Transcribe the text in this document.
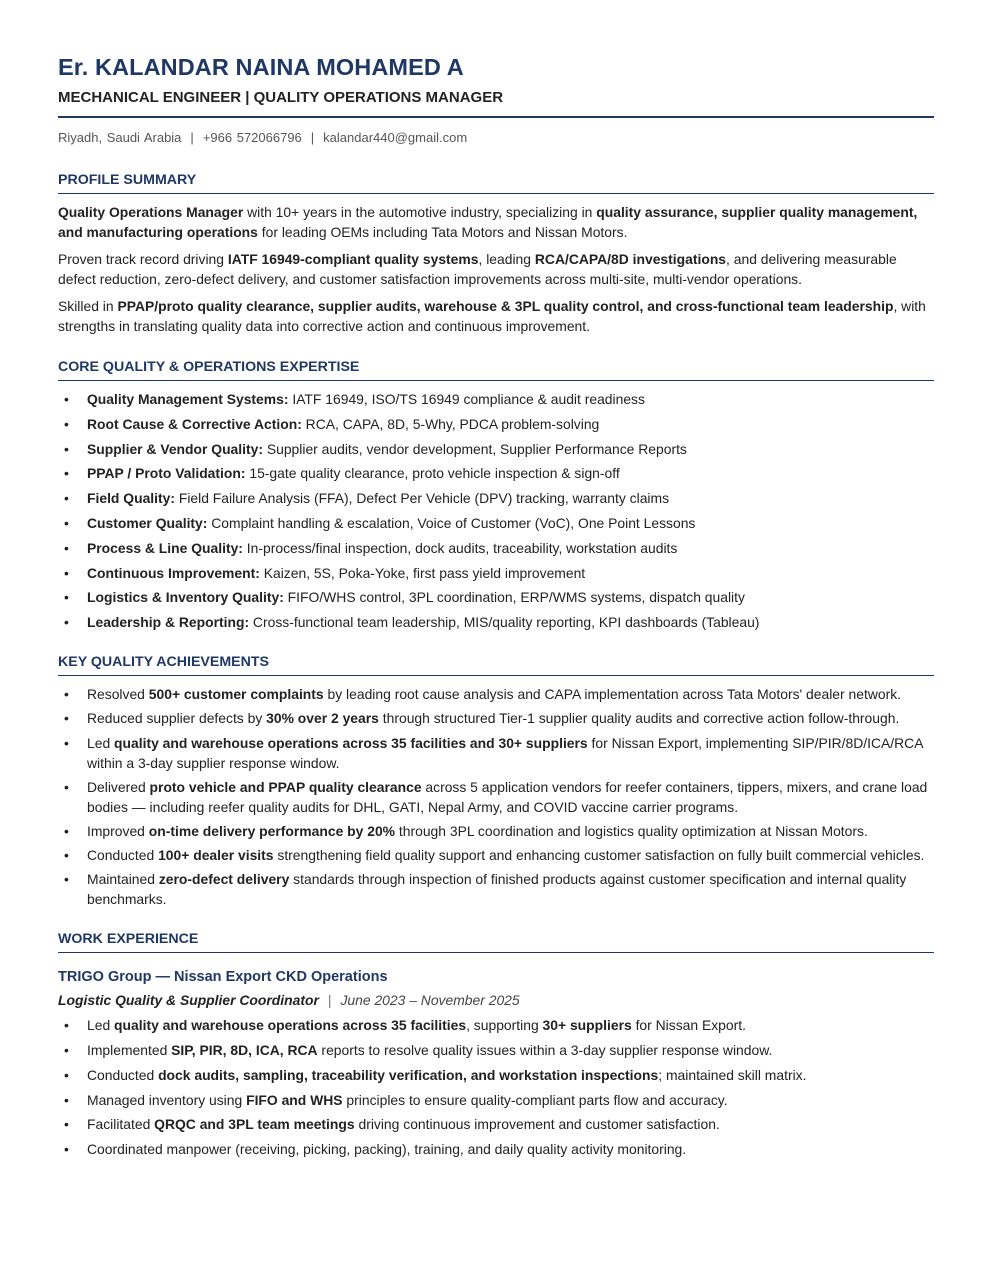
Er. KALANDAR NAINA MOHAMED A
MECHANICAL ENGINEER | QUALITY OPERATIONS MANAGER
Riyadh, Saudi Arabia | +966 572066796 | kalandar440@gmail.com
PROFILE SUMMARY

Quality Operations Manager with 10+ years in the automotive industry, specializing in quality assurance, supplier quality management, and manufacturing operations for leading OEMs including Tata Motors and Nissan Motors.

Proven track record driving IATF 16949-compliant quality systems, leading RCA/CAPA/8D investigations, and delivering measurable defect reduction, zero-defect delivery, and customer satisfaction improvements across multi-site, multi-vendor operations.

Skilled in PPAP/proto quality clearance, supplier audits, warehouse & 3PL quality control, and cross-functional team leadership, with strengths in translating quality data into corrective action and continuous improvement.

CORE QUALITY & OPERATIONS EXPERTISE
• Quality Management Systems: IATF 16949, ISO/TS 16949 compliance & audit readiness
• Root Cause & Corrective Action: RCA, CAPA, 8D, 5-Why, PDCA problem-solving
• Supplier & Vendor Quality: Supplier audits, vendor development, Supplier Performance Reports
• PPAP / Proto Validation: 15-gate quality clearance, proto vehicle inspection & sign-off
• Field Quality: Field Failure Analysis (FFA), Defect Per Vehicle (DPV) tracking, warranty claims
• Customer Quality: Complaint handling & escalation, Voice of Customer (VoC), One Point Lessons
• Process & Line Quality: In-process/final inspection, dock audits, traceability, workstation audits
• Continuous Improvement: Kaizen, 5S, Poka-Yoke, first pass yield improvement
• Logistics & Inventory Quality: FIFO/WHS control, 3PL coordination, ERP/WMS systems, dispatch quality
• Leadership & Reporting: Cross-functional team leadership, MIS/quality reporting, KPI dashboards (Tableau)
KEY QUALITY ACHIEVEMENTS
• Resolved 500+ customer complaints by leading root cause analysis and CAPA implementation across Tata Motors' dealer network.
• Reduced supplier defects by 30% over 2 years through structured Tier-1 supplier quality audits and corrective action follow-through.
• Led quality and warehouse operations across 35 facilities and 30+ suppliers for Nissan Export, implementing SIP/PIR/8D/ICA/RCA within a 3-day supplier response window.
• Delivered proto vehicle and PPAP quality clearance across 5 application vendors for reefer containers, tippers, mixers, and crane load bodies — including reefer quality audits for DHL, GATI, Nepal Army, and COVID vaccine carrier programs.
• Improved on-time delivery performance by 20% through 3PL coordination and logistics quality optimization at Nissan Motors.
• Conducted 100+ dealer visits strengthening field quality support and enhancing customer satisfaction on fully built commercial vehicles.
• Maintained zero-defect delivery standards through inspection of finished products against customer specification and internal quality benchmarks.
WORK EXPERIENCE
TRIGO Group — Nissan Export CKD Operations
Logistic Quality & Supplier Coordinator | June 2023 – November 2025
• Led quality and warehouse operations across 35 facilities, supporting 30+ suppliers for Nissan Export.
• Implemented SIP, PIR, 8D, ICA, RCA reports to resolve quality issues within a 3-day supplier response window.
• Conducted dock audits, sampling, traceability verification, and workstation inspections; maintained skill matrix.
• Managed inventory using FIFO and WHS principles to ensure quality-compliant parts flow and accuracy.
• Facilitated QRQC and 3PL team meetings driving continuous improvement and customer satisfaction.
• Coordinated manpower (receiving, picking, packing), training, and daily quality activity monitoring.
